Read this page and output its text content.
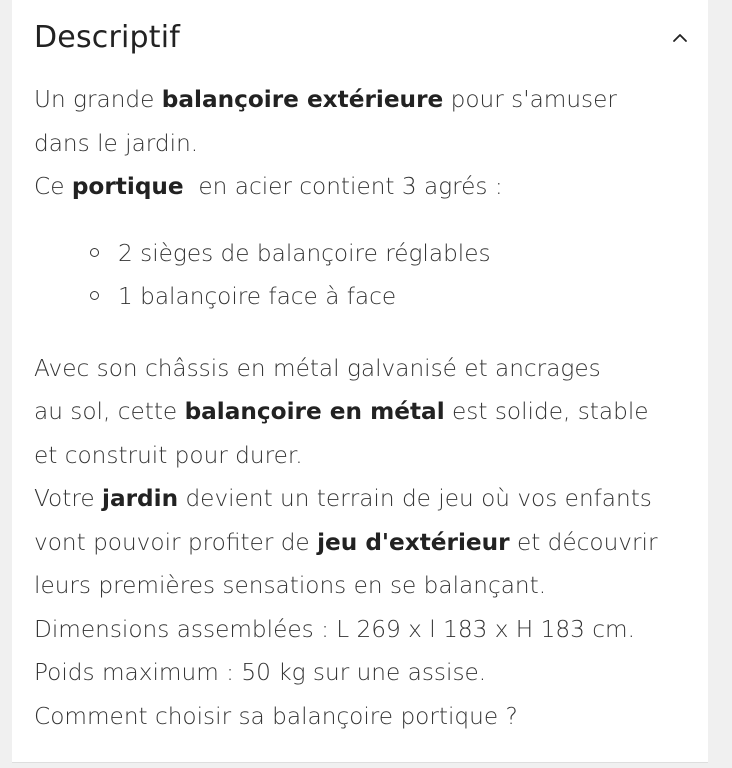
Descriptif

Un grande balançoire extérieure pour s'amuser

dans le jardin.

Ce portique  en acier contient 3 agrés :

2 sièges de balançoire réglables
1 balançoire face à face

Avec son châssis en métal galvanisé et ancrages

au sol, cette balançoire en métal est solide, stable

et construit pour durer.

Votre jardin devient un terrain de jeu où vos enfants

vont pouvoir profiter de jeu d'extérieur et découvrir

leurs premières sensations en se balançant.

Dimensions assemblées : L 269 x l 183 x H 183 cm.

Poids maximum : 50 kg sur une assise.

Comment choisir sa balançoire portique ?
